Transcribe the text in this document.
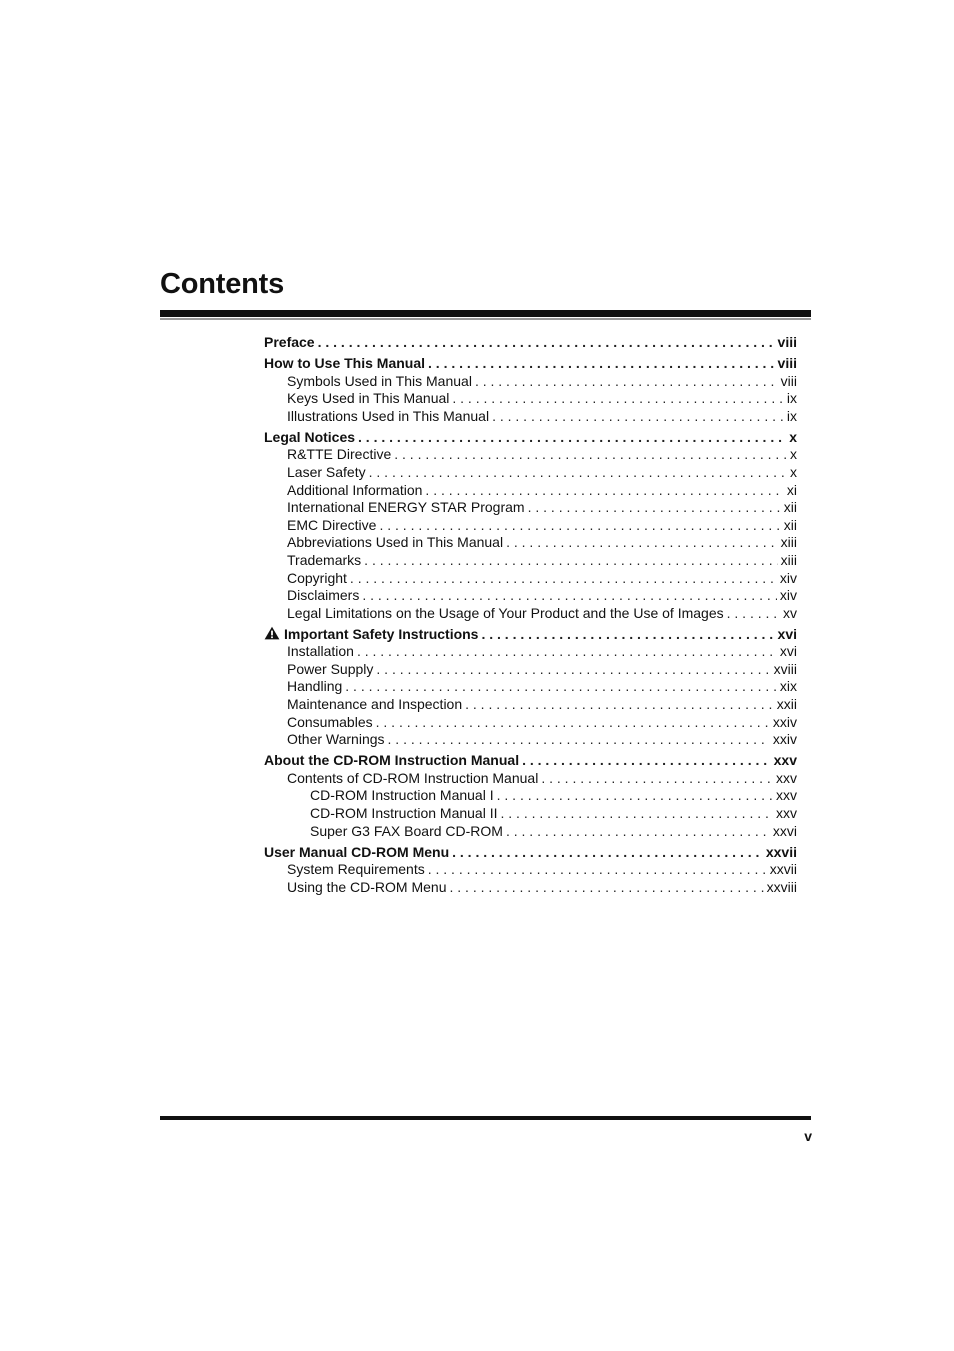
Contents
Preface . . .	viii
How to Use This Manual . . .	viii
Symbols Used in This Manual . . .	viii
Keys Used in This Manual . . .	ix
Illustrations Used in This Manual . . .	ix
Legal Notices . . .	x
R&TTE Directive . . .	x
Laser Safety . . .	x
Additional Information . . .	xi
International ENERGY STAR Program . . .	xii
EMC Directive . . .	xii
Abbreviations Used in This Manual . . .	xiii
Trademarks . . .	xiii
Copyright . . .	xiv
Disclaimers . . .	xiv
Legal Limitations on the Usage of Your Product and the Use of Images . . .	xv
Important Safety Instructions . . .	xvi
Installation . . .	xvi
Power Supply . . .	xviii
Handling . . .	xix
Maintenance and Inspection . . .	xxii
Consumables . . .	xxiv
Other Warnings . . .	xxiv
About the CD-ROM Instruction Manual . . .	xxv
Contents of CD-ROM Instruction Manual . . .	xxv
CD-ROM Instruction Manual I . . .	xxv
CD-ROM Instruction Manual II . . .	xxv
Super G3 FAX Board CD-ROM . . .	xxvi
User Manual CD-ROM Menu . . .	xxvii
System Requirements . . .	xxvii
Using the CD-ROM Menu . . .	xxviii
v
